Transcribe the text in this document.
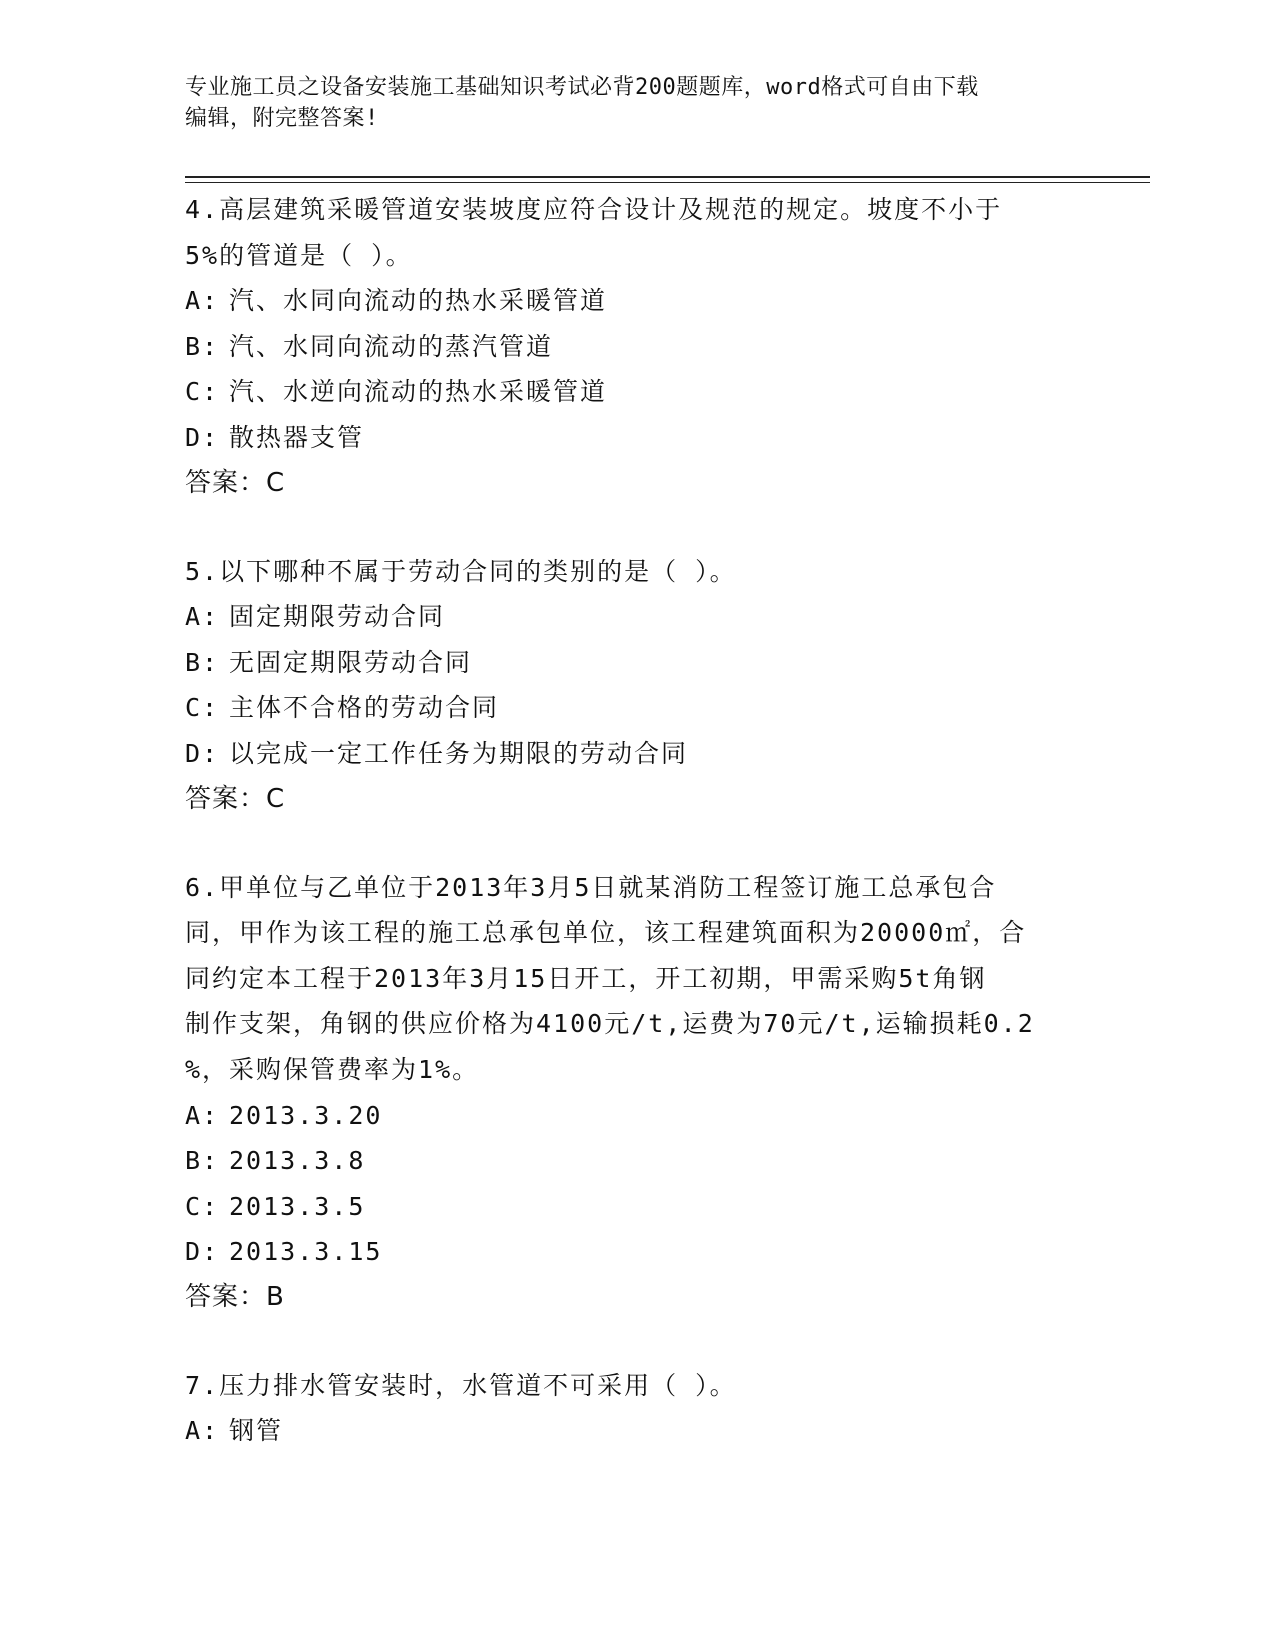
专业施工员之设备安装施工基础知识考试必背200题题库，word格式可自由下载
编辑，附完整答案!
4.高层建筑采暖管道安装坡度应符合设计及规范的规定。坡度不小于
5%的管道是（ ）。
A: 汽、水同向流动的热水采暖管道
B: 汽、水同向流动的蒸汽管道
C: 汽、水逆向流动的热水采暖管道
D: 散热器支管
答案：C
5.以下哪种不属于劳动合同的类别的是（ ）。
A: 固定期限劳动合同
B: 无固定期限劳动合同
C: 主体不合格的劳动合同
D: 以完成一定工作任务为期限的劳动合同
答案：C
6.甲单位与乙单位于2013年3月5日就某消防工程签订施工总承包合
同，甲作为该工程的施工总承包单位，该工程建筑面积为20000㎡，合
同约定本工程于2013年3月15日开工，开工初期，甲需采购5t角钢
制作支架，角钢的供应价格为4100元/t,运费为70元/t,运输损耗0.2
%，采购保管费率为1%。
A: 2013.3.20
B: 2013.3.8
C: 2013.3.5
D: 2013.3.15
答案：B
7.压力排水管安装时，水管道不可采用（ ）。
A: 钢管
